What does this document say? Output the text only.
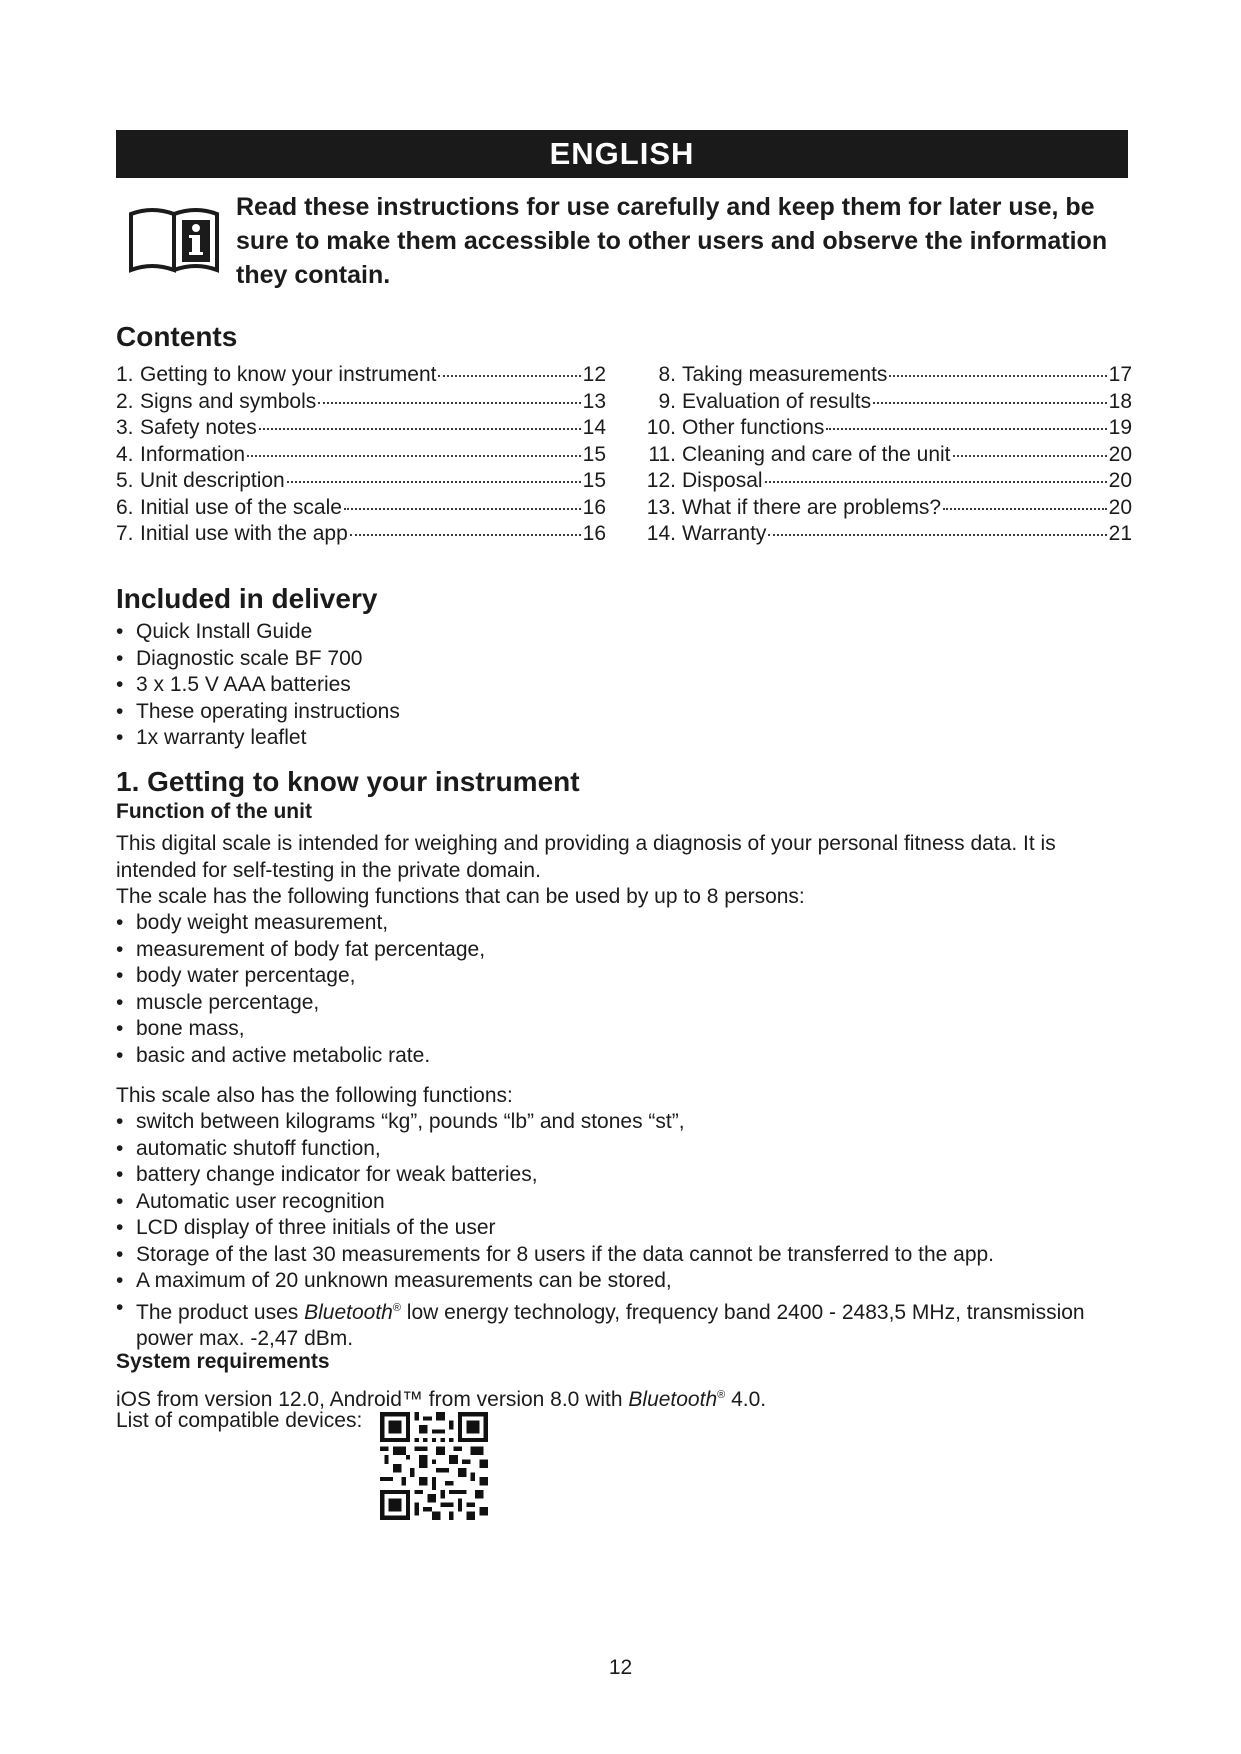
ENGLISH
Read these instructions for use carefully and keep them for later use, be sure to make them accessible to other users and observe the information they contain.
Contents
1. Getting to know your instrument	12
2. Signs and symbols	13
3. Safety notes	14
4. Information	15
5. Unit description	15
6. Initial use of the scale	16
7. Initial use with the app	16
8. Taking measurements	17
9. Evaluation of results	18
10. Other functions	19
11. Cleaning and care of the unit	20
12. Disposal	20
13. What if there are problems?	20
14. Warranty	21
Included in delivery
• Quick Install Guide
• Diagnostic scale BF 700
• 3 x 1.5 V AAA batteries
• These operating instructions
• 1x warranty leaflet
1. Getting to know your instrument
Function of the unit

This digital scale is intended for weighing and providing a diagnosis of your personal fitness data. It is intended for self-testing in the private domain.

The scale has the following functions that can be used by up to 8 persons:

• body weight measurement,
• measurement of body fat percentage,
• body water percentage,
• muscle percentage,
• bone mass,
• basic and active metabolic rate.

This scale also has the following functions:

• switch between kilograms “kg”, pounds “lb” and stones “st”,
• automatic shutoff function,
• battery change indicator for weak batteries,
• Automatic user recognition
• LCD display of three initials of the user
• Storage of the last 30 measurements for 8 users if the data cannot be transferred to the app.
• A maximum of 20 unknown measurements can be stored,
• The product uses Bluetooth® low energy technology, frequency band 2400 - 2483,5 MHz, transmission power max. -2,47 dBm.
System requirements

iOS from version 12.0, Android™ from version 8.0 with Bluetooth® 4.0.

List of compatible devices:

12
